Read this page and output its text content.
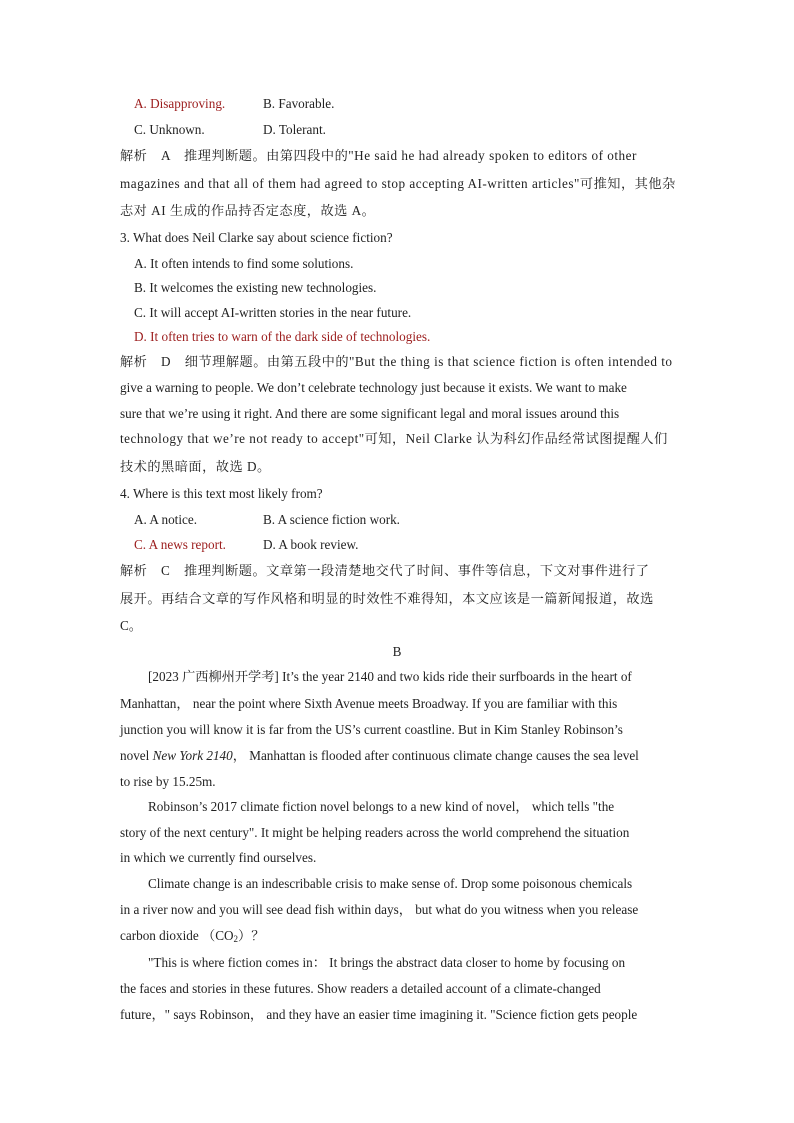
A. Disapproving.	B. Favorable.
C. Unknown.	D. Tolerant.
解析　A　推理判断题。由第四段中的"He said he had already spoken to editors of other
magazines and that all of them had agreed to stop accepting AI-written articles"可推知，其他杂
志对 AI 生成的作品持否定态度，故选 A。
3. What does Neil Clarke say about science fiction?
A. It often intends to find some solutions.
B. It welcomes the existing new technologies.
C. It will accept AI-written stories in the near future.
D. It often tries to warn of the dark side of technologies.
解析　D　细节理解题。由第五段中的"But the thing is that science fiction is often intended to
give a warning to people. We don’t celebrate technology just because it exists. We want to make
sure that we’re using it right. And there are some significant legal and moral issues around this
technology that we’re not ready to accept"可知，Neil Clarke 认为科幻作品经常试图提醒人们
技术的黑暗面，故选 D。
4. Where is this text most likely from?
A. A notice.	B. A science fiction work.
C. A news report.	D. A book review.
解析　C　推理判断题。文章第一段清楚地交代了时间、事件等信息，下文对事件进行了
展开。再结合文章的写作风格和明显的时效性不难得知，本文应该是一篇新闻报道，故选
C。
B
[2023 广西柳州开学考] It’s the year 2140 and two kids ride their surfboards in the heart of
Manhattan， near the point where Sixth Avenue meets Broadway. If you are familiar with this
junction you will know it is far from the US’s current coastline. But in Kim Stanley Robinson’s
novel New York 2140， Manhattan is flooded after continuous climate change causes the sea level
to rise by 15.25m.
Robinson’s 2017 climate fiction novel belongs to a new kind of novel， which tells "the
story of the next century". It might be helping readers across the world comprehend the situation
in which we currently find ourselves.
Climate change is an indescribable crisis to make sense of. Drop some poisonous chemicals
in a river now and you will see dead fish within days， but what do you witness when you release
carbon dioxide $(CO_2)$？
"This is where fiction comes in： It brings the abstract data closer to home by focusing on
the faces and stories in these futures. Show readers a detailed account of a climate-changed
future，" says Robinson， and they have an easier time imagining it. "Science fiction gets people
